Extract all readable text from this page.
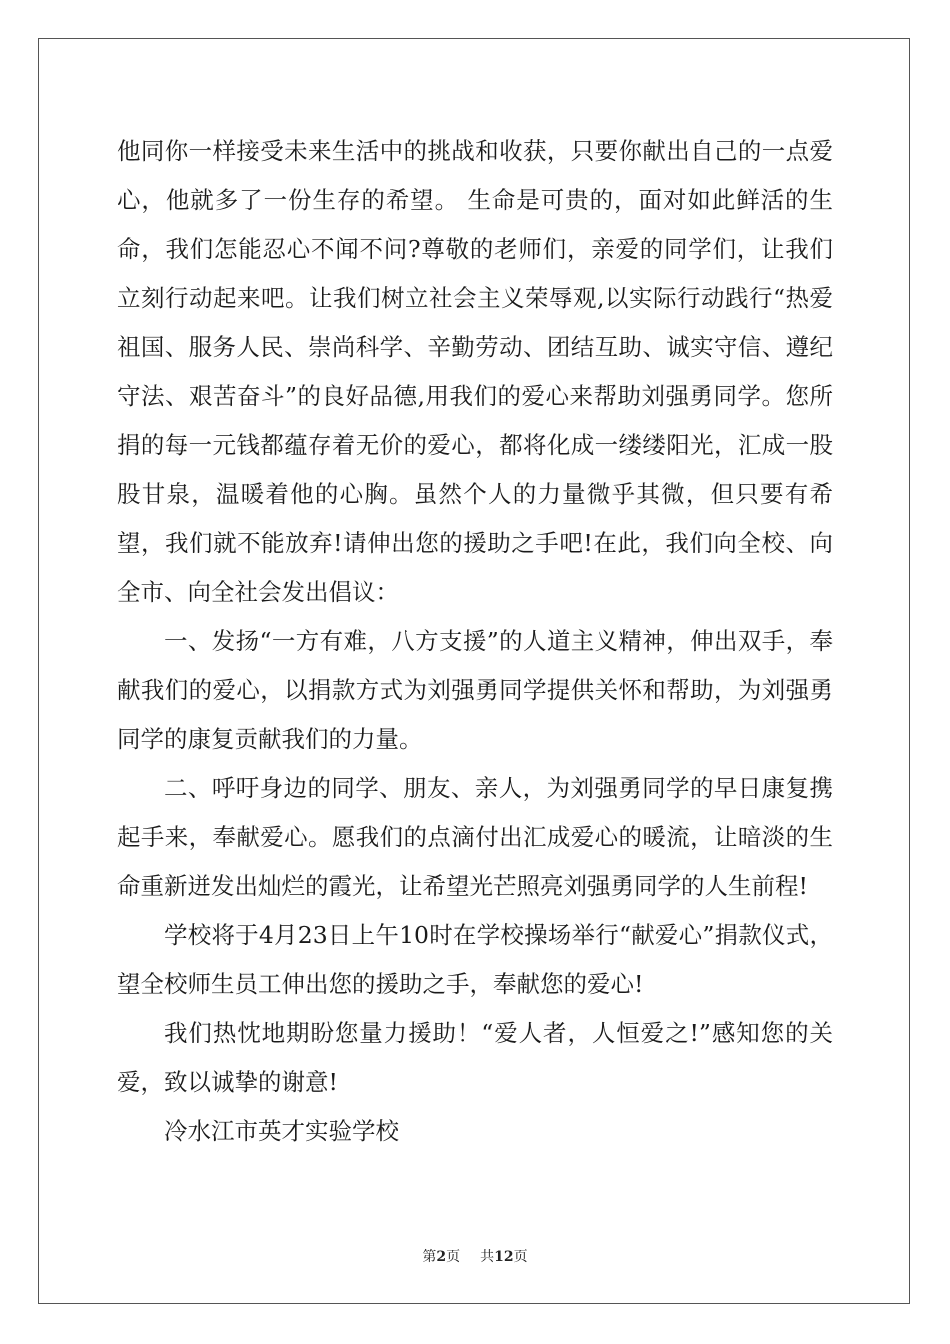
他同你一样接受未来生活中的挑战和收获，只要你献出自己的一点爱心，他就多了一份生存的希望。 生命是可贵的，面对如此鲜活的生命，我们怎能忍心不闻不问?尊敬的老师们，亲爱的同学们，让我们立刻行动起来吧。让我们树立社会主义荣辱观,以实际行动践行“热爱祖国、服务人民、崇尚科学、辛勤劳动、团结互助、诚实守信、遵纪守法、艰苦奋斗”的良好品德,用我们的爱心来帮助刘强勇同学。您所捐的每一元钱都蕴存着无价的爱心，都将化成一缕缕阳光，汇成一股股甘泉，温暖着他的心胸。虽然个人的力量微乎其微，但只要有希望，我们就不能放弃!请伸出您的援助之手吧!在此，我们向全校、向全市、向全社会发出倡议：

一、发扬“一方有难，八方支援”的人道主义精神，伸出双手，奉献我们的爱心，以捐款方式为刘强勇同学提供关怀和帮助，为刘强勇同学的康复贡献我们的力量。

二、呼吁身边的同学、朋友、亲人，为刘强勇同学的早日康复携起手来，奉献爱心。愿我们的点滴付出汇成爱心的暖流，让暗淡的生命重新迸发出灿烂的霞光，让希望光芒照亮刘强勇同学的人生前程!

学校将于4月23日上午10时在学校操场举行“献爱心”捐款仪式，望全校师生员工伸出您的援助之手，奉献您的爱心!

我们热忱地期盼您量力援助！“爱人者，人恒爱之!”感知您的关爱，致以诚挚的谢意!

冷水江市英才实验学校

第2页 共12页
